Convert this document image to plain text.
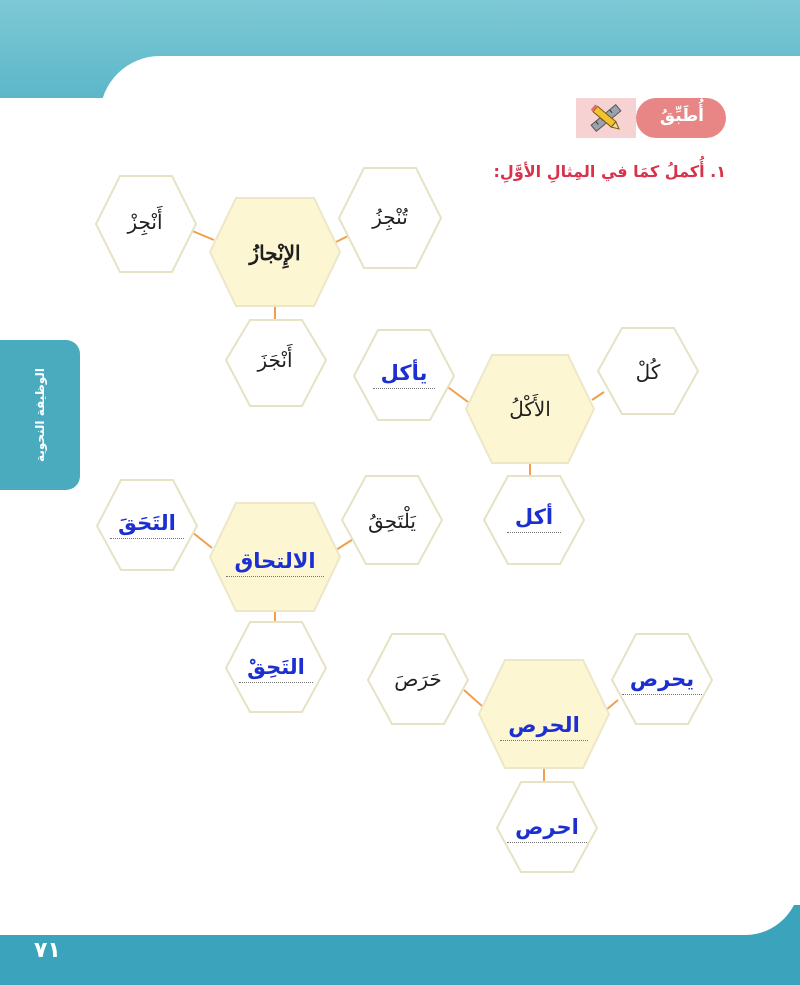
الوظيفة النحوية
أُطَبِّقُ
١. أُكملُ كمَا في المِثالِ الأوَّلِ:
الإِنْجازُ
تُنْجِزُ
أَنْجِزْ
أَنْجَزَ
الأَكْلُ
كُلْ
يأكل
أكل
الالتحاق
يَلْتَحِقُ
التَحَقَ
التَحِقْ
الحرص
حَرَصَ	يحرص
احرص
٧١
